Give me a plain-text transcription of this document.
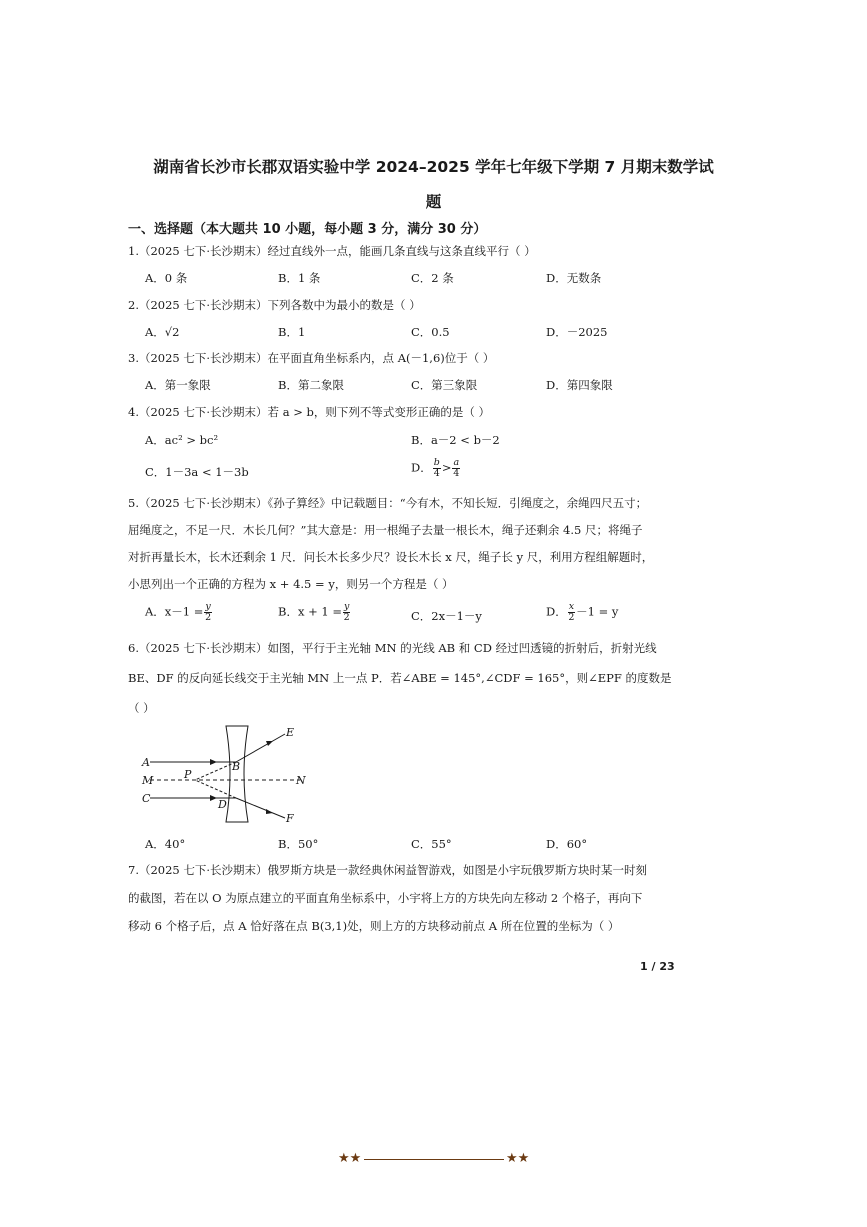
湖南省长沙市长郡双语实验中学 2024–2025 学年七年级下学期 7 月期末数学试
题
一、选择题（本大题共 10 小题，每小题 3 分，满分 30 分）
1.（2025 七下·长沙期末）经过直线外一点，能画几条直线与这条直线平行（ ）
A．0 条	B．1 条	C．2 条	D．无数条
2.（2025 七下·长沙期末）下列各数中为最小的数是（ ）
A．√2	B．1	C．0.5	D．－2025
3.（2025 七下·长沙期末）在平面直角坐标系内，点 A(－1,6)位于（ ）
A．第一象限	B．第二象限	C．第三象限	D．第四象限
4.（2025 七下·长沙期末）若 a > b，则下列不等式变形正确的是（ ）
A．ac² > bc²	B．a－2 < b－2
C．1－3a < 1－3b	D． $\frac{b}{4} > \frac{a}{4}$
5.（2025 七下·长沙期末）《孙子算经》中记载题目：“今有木，不知长短．引绳度之，余绳四尺五寸；
屈绳度之，不足一尺．木长几何？”其大意是：用一根绳子去量一根长木，绳子还剩余 4.5 尺；将绳子
对折再量长木，长木还剩余 1 尺．问长木长多少尺？设长木长 x 尺，绳子长 y 尺，利用方程组解题时，
小思列出一个正确的方程为 x + 4.5 = y，则另一个方程是（ ）
A．$x-1 = \frac{y}{2}$	B．$x + 1 = \frac{y}{2}$	C．2x－1－y	D． $\frac{x}{2} -1 = y$
6.（2025 七下·长沙期末）如图，平行于主光轴 MN 的光线 AB 和 CD 经过凹透镜的折射后，折射光线
BE、DF 的反向延长线交于主光轴 MN 上一点 P．若∠ABE = 145°,∠CDF = 165°，则∠EPF 的度数是
（ ）
A
M
C
P
B
D
N
E
F
A．40°	B．50°	C．55°	D．60°
7.（2025 七下·长沙期末）俄罗斯方块是一款经典休闲益智游戏，如图是小宇玩俄罗斯方块时某一时刻
的截图，若在以 O 为原点建立的平面直角坐标系中，小宇将上方的方块先向左移动 2 个格子，再向下
移动 6 个格子后，点 A 恰好落在点 B(3,1)处，则上方的方块移动前点 A 所在位置的坐标为（ ）
1 / 23
★★	★★
